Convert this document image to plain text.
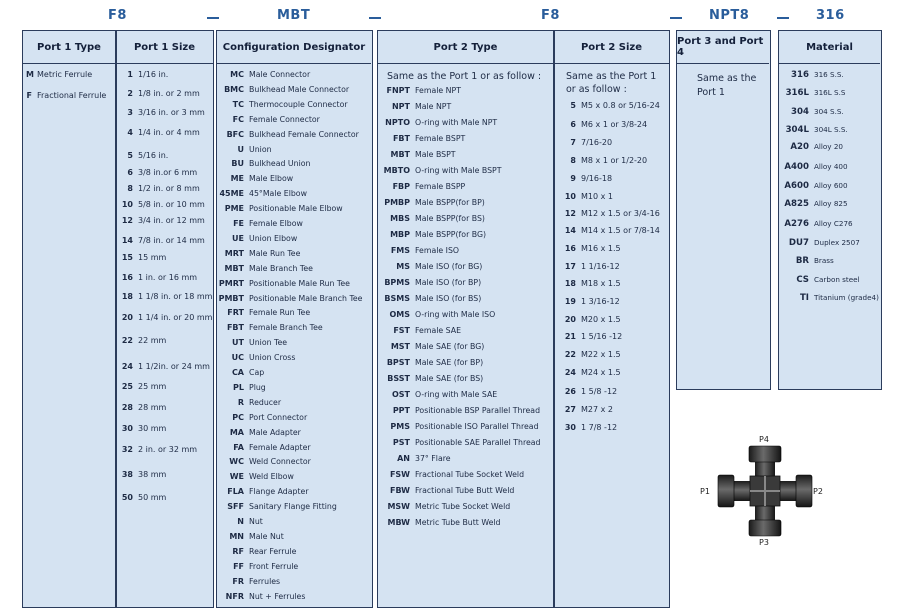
F8	MBT	F8	NPT8	316
Port 1 Type	Port 1 Size
M Metric Ferrule
F Fractional Ferrule
1 1/16 in.
2 1/8 in. or 2 mm
3 3/16 in. or 3 mm
4 1/4 in. or 4 mm
5 5/16 in.
6 3/8 in.or 6 mm
8 1/2 in. or 8 mm
10 5/8 in. or 10 mm
12 3/4 in. or 12 mm
14 7/8 in. or 14 mm
15 15 mm
16 1 in. or 16 mm
18 1 1/8 in. or 18 mm
20 1 1/4 in. or 20 mm
22 22 mm
24 1 1/2in. or 24 mm
25 25 mm
28 28 mm
30 30 mm
32 2 in. or 32 mm
38 38 mm
50 50 mm
Configuration Designator
MC Male Connector
BMC Bulkhead Male Connector
TC Thermocouple Connector
FC Female Connector
BFC Bulkhead Female Connector
U Union
BU Bulkhead Union
ME Male Elbow
45ME 45°Male Elbow
PME Positionable Male Elbow
FE Female Elbow
UE Union Elbow
MRT Male Run Tee
MBT Male Branch Tee
PMRT Positionable Male Run Tee
PMBT Positionable Male Branch Tee
FRT Female Run Tee
FBT Female Branch Tee
UT Union Tee
UC Union Cross
CA Cap
PL Plug
R Reducer
PC Port Connector
MA Male Adapter
FA Female Adapter
WC Weld Connector
WE Weld Elbow
FLA Flange Adapter
SFF Sanitary Flange Fitting
N Nut
MN Male Nut
RF Rear Ferrule
FF Front Ferrule
FR Ferrules
NFR Nut + Ferrules
Port 2 Type	Port 2 Size
Same as the Port 1 or as follow :
FNPT Female NPT
NPT Male NPT
NPTO O-ring with Male NPT
FBT Female BSPT
MBT Male BSPT
MBTO O-ring with Male BSPT
FBP Female BSPP
PMBP Male BSPP(for BP)
MBS Male BSPP(for BS)
MBP Male BSPP(for BG)
FMS Female ISO
MS Male ISO (for BG)
BPMS Male ISO (for BP)
BSMS Male ISO (for BS)
OMS O-ring with Male ISO
FST Female SAE
MST Male SAE (for BG)
BPST Male SAE (for BP)
BSST Male SAE (for BS)
OST O-ring with Male SAE
PPT Positionable BSP Parallel Thread
PMS Positionable ISO Parallel Thread
PST Positionable SAE Parallel Thread
AN 37° Flare
FSW Fractional Tube Socket Weld
FBW Fractional Tube Butt Weld
MSW Metric Tube Socket Weld
MBW Metric Tube Butt Weld
Same as the Port 1
or as follow :
5 M5 x 0.8 or 5/16-24
6 M6 x 1 or 3/8-24
7 7/16-20
8 M8 x 1 or 1/2-20
9 9/16-18
10 M10 x 1
12 M12 x 1.5 or 3/4-16
14 M14 x 1.5 or 7/8-14
16 M16 x 1.5
17 1 1/16-12
18 M18 x 1.5
19 1 3/16-12
20 M20 x 1.5
21 1 5/16 -12
22 M22 x 1.5
24 M24 x 1.5
26 1 5/8 -12
27 M27 x 2
30 1 7/8 -12
Port 3 and Port 4
Same as the
Port 1
Material
316 316 S.S.
316L 316L S.S
304 304 S.S.
304L 304L S.S.
A20 Alloy 20
A400 Alloy 400
A600 Alloy 600
A825 Alloy 825
A276 Alloy C276
DU7 Duplex 2507
BR Brass
CS Carbon steel
TI Titanium (grade4)
P4
P1	P2
P3
